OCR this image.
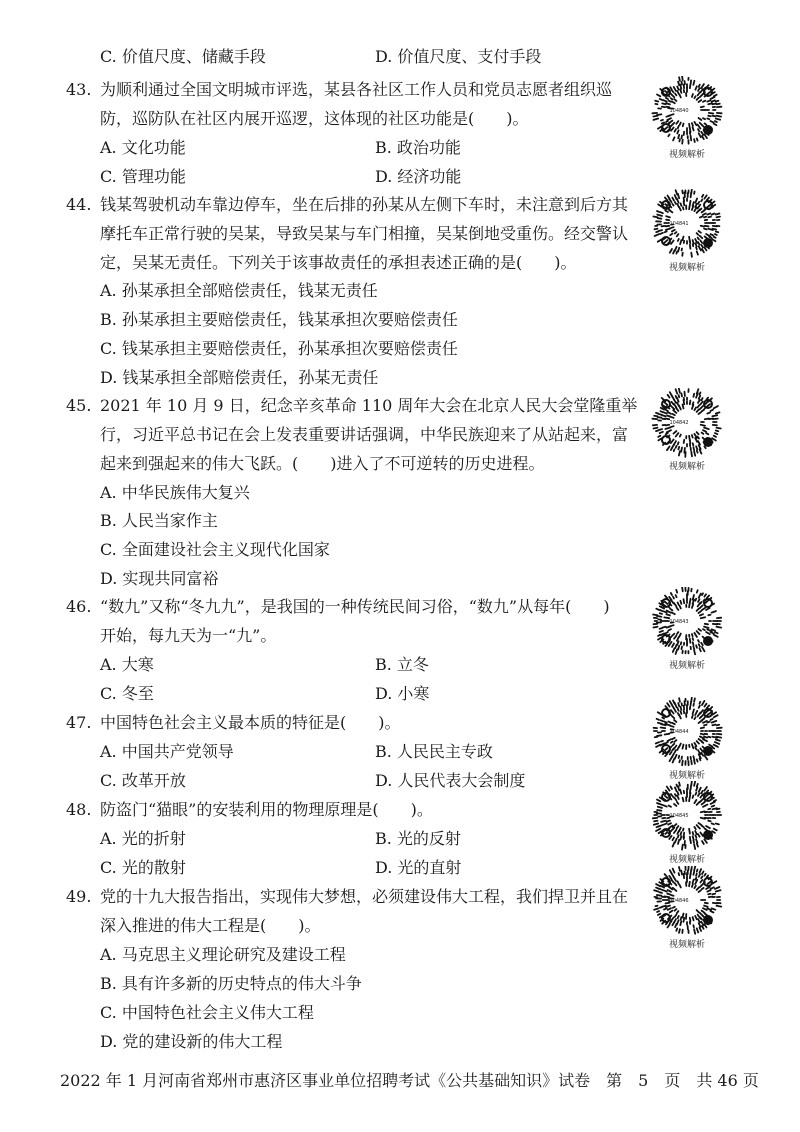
C. 价值尺度、储藏手段	D. 价值尺度、支付手段
43. 为顺利通过全国文明城市评选，某县各社区工作人员和党员志愿者组织巡
防，巡防队在社区内展开巡逻，这体现的社区功能是(　　)。
A. 文化功能	B. 政治功能
C. 管理功能	D. 经济功能
104840
视频解析
44. 钱某驾驶机动车靠边停车，坐在后排的孙某从左侧下车时，未注意到后方其
摩托车正常行驶的吴某，导致吴某与车门相撞，吴某倒地受重伤。经交警认
定，吴某无责任。下列关于该事故责任的承担表述正确的是(　　)。
A. 孙某承担全部赔偿责任，钱某无责任
B. 孙某承担主要赔偿责任，钱某承担次要赔偿责任
C. 钱某承担主要赔偿责任，孙某承担次要赔偿责任
D. 钱某承担全部赔偿责任，孙某无责任
104841
视频解析
45. 2021 年 10 月 9 日，纪念辛亥革命 110 周年大会在北京人民大会堂隆重举
行，习近平总书记在会上发表重要讲话强调，中华民族迎来了从站起来，富
起来到强起来的伟大飞跃。(　　)进入了不可逆转的历史进程。
A. 中华民族伟大复兴
B. 人民当家作主
C. 全面建设社会主义现代化国家
D. 实现共同富裕
104842
视频解析
46. “数九”又称“冬九九”，是我国的一种传统民间习俗，“数九”从每年(　　)
开始，每九天为一“九”。
A. 大寒	B. 立冬
C. 冬至	D. 小寒
104843
视频解析
47. 中国特色社会主义最本质的特征是(　　)。
A. 中国共产党领导	B. 人民民主专政
C. 改革开放	D. 人民代表大会制度
104844
视频解析
48. 防盗门“猫眼”的安装利用的物理原理是(　　)。
A. 光的折射	B. 光的反射
C. 光的散射	D. 光的直射
104845
视频解析
49. 党的十九大报告指出，实现伟大梦想，必须建设伟大工程，我们捍卫并且在
深入推进的伟大工程是(　　)。
A. 马克思主义理论研究及建设工程
B. 具有许多新的历史特点的伟大斗争
C. 中国特色社会主义伟大工程
D. 党的建设新的伟大工程
104846
视频解析
2022 年 1 月河南省郑州市惠济区事业单位招聘考试《公共基础知识》试卷　第　5　页　共 46 页
